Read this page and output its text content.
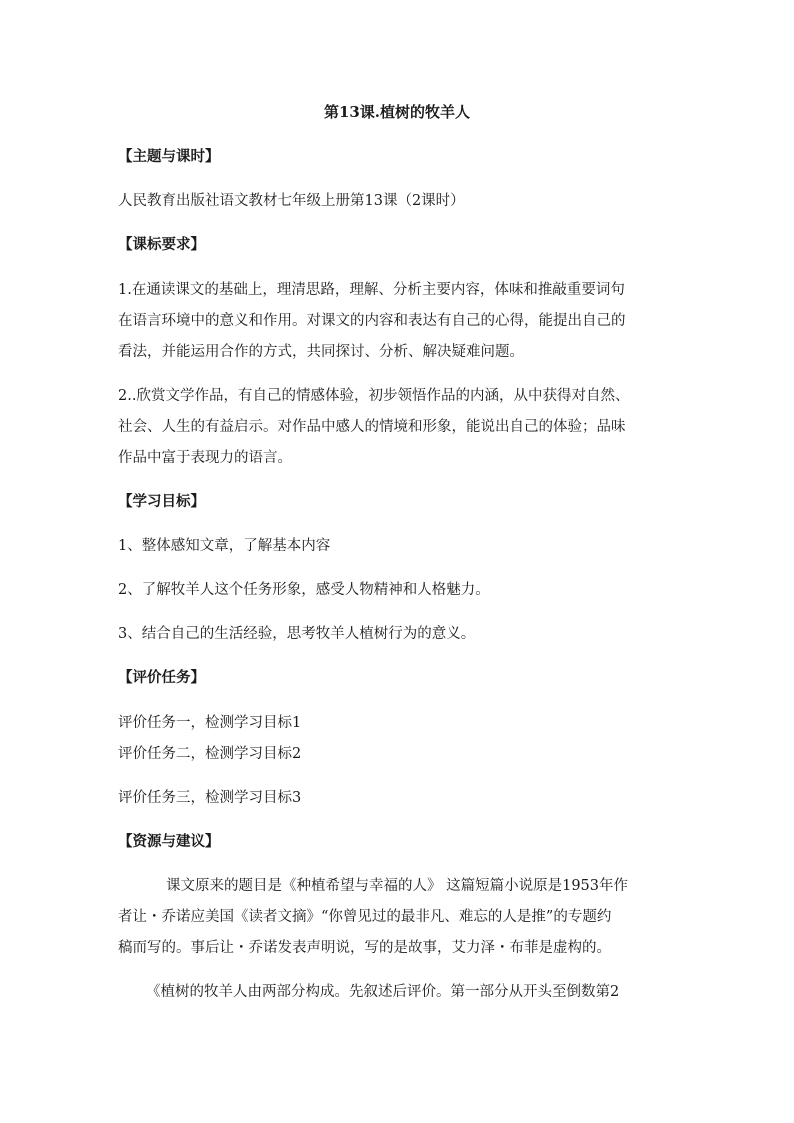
第13课.植树的牧羊人
【主题与课时】
人民教育出版社语文教材七年级上册第13课（2课时）
【课标要求】
1.在通读课文的基础上，理清思路，理解、分析主要内容，体味和推敲重要词句
在语言环境中的意义和作用。对课文的内容和表达有自己的心得，能提出自己的
看法，并能运用合作的方式，共同探讨、分析、解决疑难问题。
2..欣赏文学作品，有自己的情感体验，初步领悟作品的内涵，从中获得对自然、
社会、人生的有益启示。对作品中感人的情境和形象，能说出自己的体验；品味
作品中富于表现力的语言。
【学习目标】
1、整体感知文章，了解基本内容
2、了解牧羊人这个任务形象，感受人物精神和人格魅力。
3、结合自己的生活经验，思考牧羊人植树行为的意义。
【评价任务】
评价任务一，检测学习目标1
评价任务二，检测学习目标2
评价任务三，检测学习目标3
【资源与建议】
课文原来的题目是《种植希望与幸福的人》 这篇短篇小说原是1953年作
者让・乔诺应美国《读者文摘》“你曾见过的最非凡、难忘的人是推”的专题约
稿而写的。事后让・乔诺发表声明说，写的是故事，艾力泽・布菲是虚构的。
《植树的牧羊人由两部分构成。先叙述后评价。第一部分从开头至倒数第2
